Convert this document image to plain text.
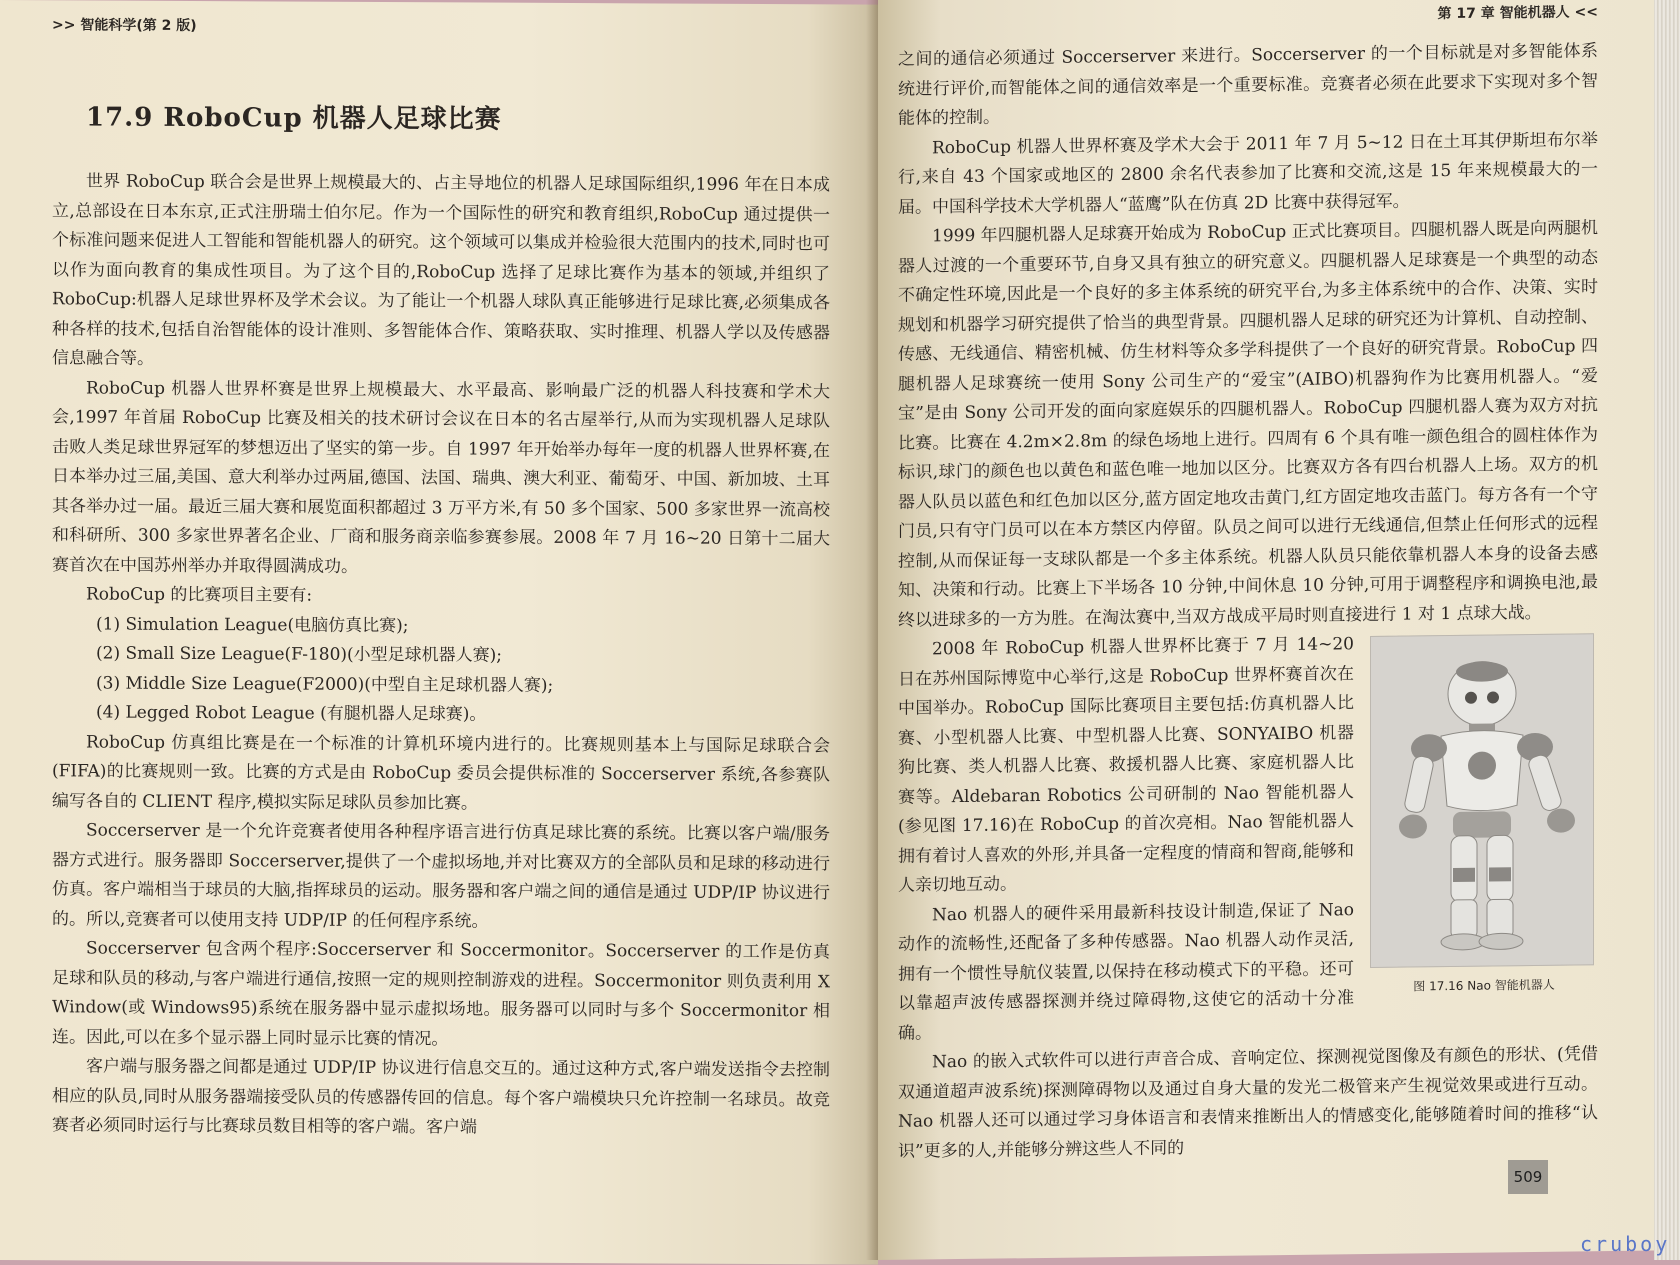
>> 智能科学(第 2 版)
17.9 RoboCup 机器人足球比赛

世界 RoboCup 联合会是世界上规模最大的、占主导地位的机器人足球国际组织,1996 年在日本成立,总部设在日本东京,正式注册瑞士伯尔尼。作为一个国际性的研究和教育组织,RoboCup 通过提供一个标准问题来促进人工智能和智能机器人的研究。这个领域可以集成并检验很大范围内的技术,同时也可以作为面向教育的集成性项目。为了这个目的,RoboCup 选择了足球比赛作为基本的领域,并组织了 RoboCup:机器人足球世界杯及学术会议。为了能让一个机器人球队真正能够进行足球比赛,必须集成各种各样的技术,包括自治智能体的设计准则、多智能体合作、策略获取、实时推理、机器人学以及传感器信息融合等。

RoboCup 机器人世界杯赛是世界上规模最大、水平最高、影响最广泛的机器人科技赛和学术大会,1997 年首届 RoboCup 比赛及相关的技术研讨会议在日本的名古屋举行,从而为实现机器人足球队击败人类足球世界冠军的梦想迈出了坚实的第一步。自 1997 年开始举办每年一度的机器人世界杯赛,在日本举办过三届,美国、意大利举办过两届,德国、法国、瑞典、澳大利亚、葡萄牙、中国、新加坡、土耳其各举办过一届。最近三届大赛和展览面积都超过 3 万平方米,有 50 多个国家、500 多家世界一流高校和科研所、300 多家世界著名企业、厂商和服务商亲临参赛参展。2008 年 7 月 16~20 日第十二届大赛首次在中国苏州举办并取得圆满成功。

RoboCup 的比赛项目主要有:

(1) Simulation League(电脑仿真比赛);
(2) Small Size League(F-180)(小型足球机器人赛);
(3) Middle Size League(F2000)(中型自主足球机器人赛);
(4) Legged Robot League (有腿机器人足球赛)。

RoboCup 仿真组比赛是在一个标准的计算机环境内进行的。比赛规则基本上与国际足球联合会(FIFA)的比赛规则一致。比赛的方式是由 RoboCup 委员会提供标准的 Soccerserver 系统,各参赛队编写各自的 CLIENT 程序,模拟实际足球队员参加比赛。

Soccerserver 是一个允许竞赛者使用各种程序语言进行仿真足球比赛的系统。比赛以客户端/服务器方式进行。服务器即 Soccerserver,提供了一个虚拟场地,并对比赛双方的全部队员和足球的移动进行仿真。客户端相当于球员的大脑,指挥球员的运动。服务器和客户端之间的通信是通过 UDP/IP 协议进行的。所以,竞赛者可以使用支持 UDP/IP 的任何程序系统。

Soccerserver 包含两个程序:Soccerserver 和 Soccermonitor。Soccerserver 的工作是仿真足球和队员的移动,与客户端进行通信,按照一定的规则控制游戏的进程。Soccermonitor 则负责利用 X Window(或 Windows95)系统在服务器中显示虚拟场地。服务器可以同时与多个 Soccermonitor 相连。因此,可以在多个显示器上同时显示比赛的情况。

客户端与服务器之间都是通过 UDP/IP 协议进行信息交互的。通过这种方式,客户端发送指令去控制相应的队员,同时从服务器端接受队员的传感器传回的信息。每个客户端模块只允许控制一名球员。故竞赛者必须同时运行与比赛球员数目相等的客户端。客户端

第 17 章 智能机器人 <<

之间的通信必须通过 Soccerserver 来进行。Soccerserver 的一个目标就是对多智能体系统进行评价,而智能体之间的通信效率是一个重要标准。竞赛者必须在此要求下实现对多个智能体的控制。

RoboCup 机器人世界杯赛及学术大会于 2011 年 7 月 5~12 日在土耳其伊斯坦布尔举行,来自 43 个国家或地区的 2800 余名代表参加了比赛和交流,这是 15 年来规模最大的一届。中国科学技术大学机器人“蓝鹰”队在仿真 2D 比赛中获得冠军。

1999 年四腿机器人足球赛开始成为 RoboCup 正式比赛项目。四腿机器人既是向两腿机器人过渡的一个重要环节,自身又具有独立的研究意义。四腿机器人足球赛是一个典型的动态不确定性环境,因此是一个良好的多主体系统的研究平台,为多主体系统中的合作、决策、实时规划和机器学习研究提供了恰当的典型背景。四腿机器人足球的研究还为计算机、自动控制、传感、无线通信、精密机械、仿生材料等众多学科提供了一个良好的研究背景。RoboCup 四腿机器人足球赛统一使用 Sony 公司生产的“爱宝”(AIBO)机器狗作为比赛用机器人。“爱宝”是由 Sony 公司开发的面向家庭娱乐的四腿机器人。RoboCup 四腿机器人赛为双方对抗比赛。比赛在 4.2m×2.8m 的绿色场地上进行。四周有 6 个具有唯一颜色组合的圆柱体作为标识,球门的颜色也以黄色和蓝色唯一地加以区分。比赛双方各有四台机器人上场。双方的机器人队员以蓝色和红色加以区分,蓝方固定地攻击黄门,红方固定地攻击蓝门。每方各有一个守门员,只有守门员可以在本方禁区内停留。队员之间可以进行无线通信,但禁止任何形式的远程控制,从而保证每一支球队都是一个多主体系统。机器人队员只能依靠机器人本身的设备去感知、决策和行动。比赛上下半场各 10 分钟,中间休息 10 分钟,可用于调整程序和调换电池,最终以进球多的一方为胜。在淘汰赛中,当双方战成平局时则直接进行 1 对 1 点球大战。

图 17.16 Nao 智能机器人

2008 年 RoboCup 机器人世界杯比赛于 7 月 14~20 日在苏州国际博览中心举行,这是 RoboCup 世界杯赛首次在中国举办。RoboCup 国际比赛项目主要包括:仿真机器人比赛、小型机器人比赛、中型机器人比赛、SONYAIBO 机器狗比赛、类人机器人比赛、救援机器人比赛、家庭机器人比赛等。Aldebaran Robotics 公司研制的 Nao 智能机器人(参见图 17.16)在 RoboCup 的首次亮相。Nao 智能机器人拥有着讨人喜欢的外形,并具备一定程度的情商和智商,能够和人亲切地互动。

Nao 机器人的硬件采用最新科技设计制造,保证了 Nao 动作的流畅性,还配备了多种传感器。Nao 机器人动作灵活,拥有一个惯性导航仪装置,以保持在移动模式下的平稳。还可以靠超声波传感器探测并绕过障碍物,这使它的活动十分准确。

Nao 的嵌入式软件可以进行声音合成、音响定位、探测视觉图像及有颜色的形状、(凭借双通道超声波系统)探测障碍物以及通过自身大量的发光二极管来产生视觉效果或进行互动。Nao 机器人还可以通过学习身体语言和表情来推断出人的情感变化,能够随着时间的推移“认识”更多的人,并能够分辨这些人不同的

509
cruboy
